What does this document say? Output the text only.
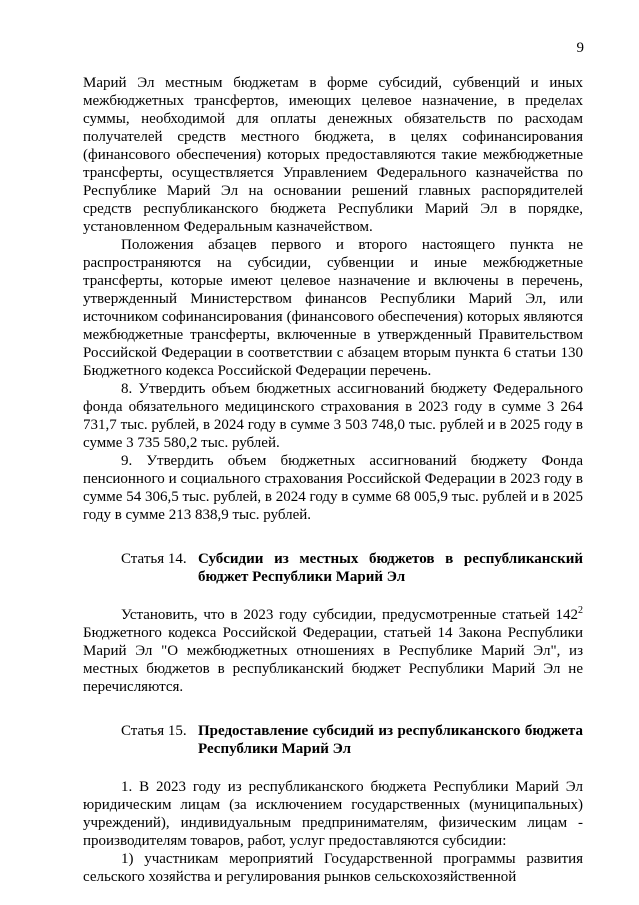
9

Марий Эл местным бюджетам в форме субсидий, субвенций и иных межбюджетных трансфертов, имеющих целевое назначение, в пределах суммы, необходимой для оплаты денежных обязательств по расходам получателей средств местного бюджета, в целях софинансирования (финансового обеспечения) которых предоставляются такие межбюджетные трансферты, осуществляется Управлением Федерального казначейства по Республике Марий Эл на основании решений главных распорядителей средств республиканского бюджета Республики Марий Эл в порядке, установленном Федеральным казначейством.

Положения абзацев первого и второго настоящего пункта не распространяются на субсидии, субвенции и иные межбюджетные трансферты, которые имеют целевое назначение и включены в перечень, утвержденный Министерством финансов Республики Марий Эл, или источником софинансирования (финансового обеспечения) которых являются межбюджетные трансферты, включенные в утвержденный Правительством Российской Федерации в соответствии с абзацем вторым пункта 6 статьи 130 Бюджетного кодекса Российской Федерации перечень.

8. Утвердить объем бюджетных ассигнований бюджету Федерального фонда обязательного медицинского страхования в 2023 году в сумме 3 264 731,7 тыс. рублей, в 2024 году в сумме 3 503 748,0 тыс. рублей и в 2025 году в сумме 3 735 580,2 тыс. рублей.

9. Утвердить объем бюджетных ассигнований бюджету Фонда пенсионного и социального страхования Российской Федерации в 2023 году в сумме 54 306,5 тыс. рублей, в 2024 году в сумме 68 005,9 тыс. рублей и в 2025 году в сумме 213 838,9 тыс. рублей.

Статья 14. Субсидии из местных бюджетов в республиканский бюджет Республики Марий Эл

Установить, что в 2023 году субсидии, предусмотренные статьей $142^2$ Бюджетного кодекса Российской Федерации, статьей 14 Закона Республики Марий Эл "О межбюджетных отношениях в Республике Марий Эл", из местных бюджетов в республиканский бюджет Республики Марий Эл не перечисляются.

Статья 15. Предоставление субсидий из республиканского бюджета Республики Марий Эл

1. В 2023 году из республиканского бюджета Республики Марий Эл юридическим лицам (за исключением государственных (муниципальных) учреждений), индивидуальным предпринимателям, физическим лицам - производителям товаров, работ, услуг предоставляются субсидии:

1) участникам мероприятий Государственной программы развития сельского хозяйства и регулирования рынков сельскохозяйственной
